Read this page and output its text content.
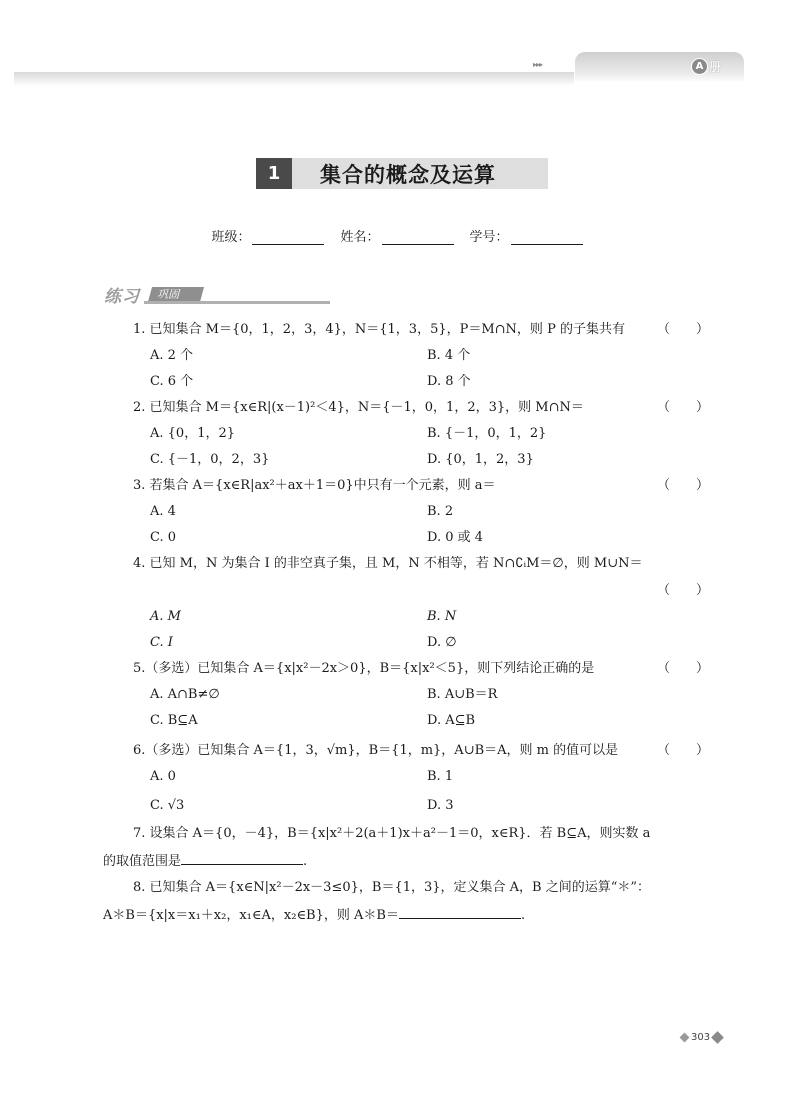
▸▸▸	A 册
1	集合的概念及运算
班级：	姓名：	学号：
练习	巩固
1. 已知集合 M＝{0，1，2，3，4}，N＝{1，3，5}，P＝M∩N，则 P 的子集共有 （　　）
A. 2 个	B. 4 个
C. 6 个	D. 8 个
2. 已知集合 M＝{x∈R|(x－1)²＜4}，N＝{－1，0，1，2，3}，则 M∩N＝	（　　）
A. {0，1，2}	B. {－1，0，1，2}
C. {－1，0，2，3}	D. {0，1，2，3}
3. 若集合 A＝{x∈R|ax²＋ax＋1＝0}中只有一个元素，则 a＝	（　　）
A. 4	B. 2
C. 0	D. 0 或 4
4. 已知 M，N 为集合 I 的非空真子集，且 M，N 不相等，若 N∩∁ᵢM＝∅，则 M∪N＝
（　　）
A. M	B. N
C. I	D. ∅
5.（多选）已知集合 A＝{x|x²－2x＞0}，B＝{x|x²＜5}，则下列结论正确的是	（　　）
A. A∩B≠∅	B. A∪B＝R
C. B⊆A	D. A⊆B
6.（多选）已知集合 A＝{1，3，√m}，B＝{1，m}，A∪B＝A，则 m 的值可以是	（　　）
A. 0	B. 1
C. √3	D. 3
7. 设集合 A＝{0，－4}，B＝{x|x²＋2(a＋1)x＋a²－1＝0，x∈R}．若 B⊆A，则实数 a
的取值范围是	.
8. 已知集合 A＝{x∈N|x²－2x－3≤0}，B＝{1，3}，定义集合 A，B 之间的运算“＊”：
A＊B＝{x|x＝x₁＋x₂，x₁∈A，x₂∈B}，则 A＊B＝	.
303
